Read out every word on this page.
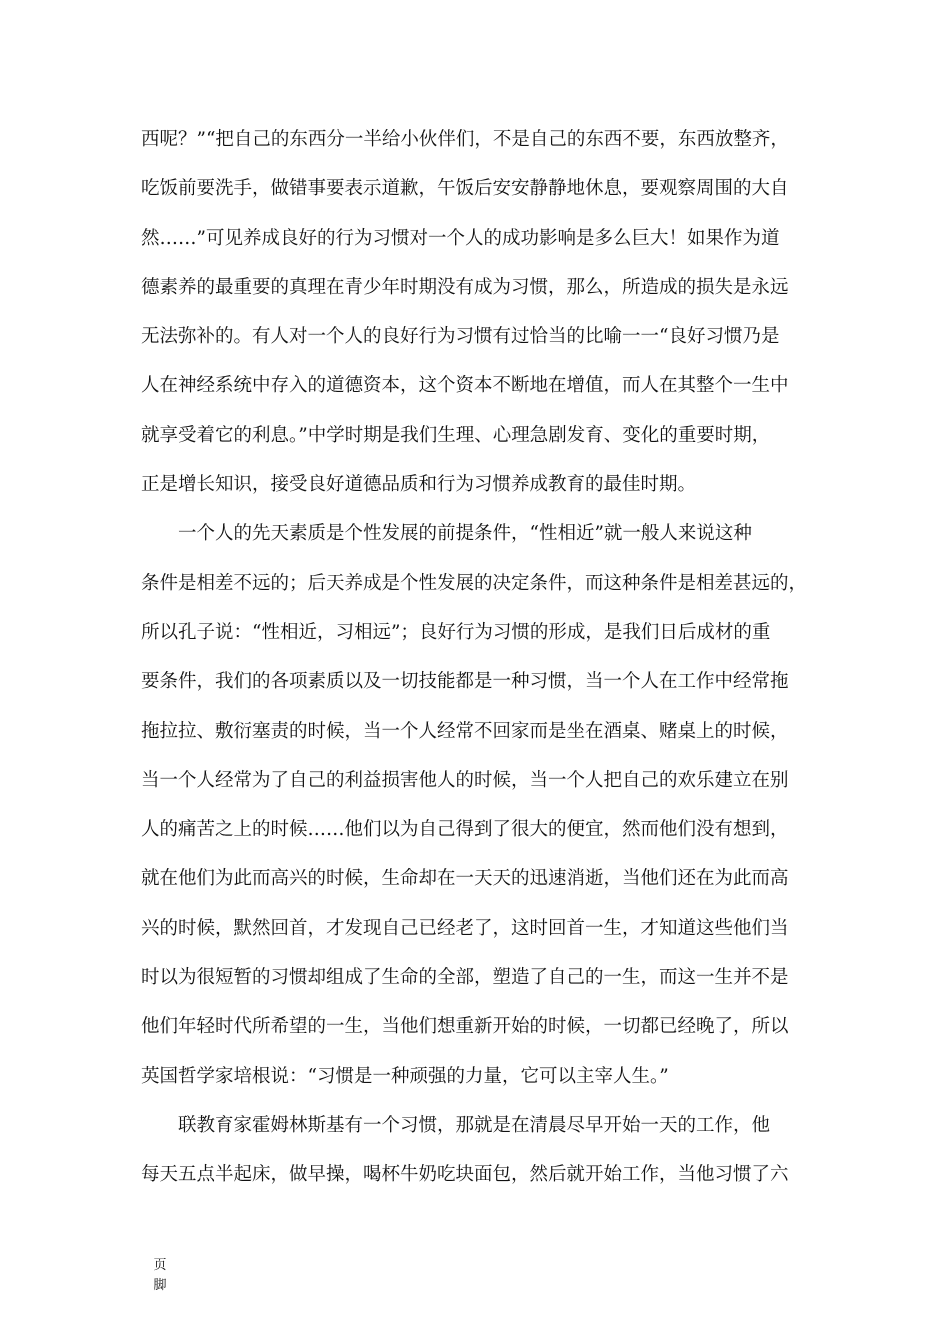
西呢？”“把自己的东西分一半给小伙伴们，不是自己的东西不要，东西放整齐，
吃饭前要洗手，做错事要表示道歉，午饭后安安静静地休息，要观察周围的大自
然……”可见养成良好的行为习惯对一个人的成功影响是多么巨大！如果作为道
德素养的最重要的真理在青少年时期没有成为习惯，那么，所造成的损失是永远
无法弥补的。有人对一个人的良好行为习惯有过恰当的比喻一一“良好习惯乃是
人在神经系统中存入的道德资本，这个资本不断地在增值，而人在其整个一生中
就享受着它的利息。”中学时期是我们生理、心理急剧发育、变化的重要时期，
正是增长知识，接受良好道德品质和行为习惯养成教育的最佳时期。
　　一个人的先天素质是个性发展的前提条件，“性相近”就一般人来说这种
条件是相差不远的；后天养成是个性发展的决定条件，而这种条件是相差甚远的，
所以孔子说：“性相近，习相远”；良好行为习惯的形成，是我们日后成材的重
要条件，我们的各项素质以及一切技能都是一种习惯，当一个人在工作中经常拖
拖拉拉、敷衍塞责的时候，当一个人经常不回家而是坐在酒桌、赌桌上的时候，
当一个人经常为了自己的利益损害他人的时候，当一个人把自己的欢乐建立在别
人的痛苦之上的时候……他们以为自己得到了很大的便宜，然而他们没有想到，
就在他们为此而高兴的时候，生命却在一天天的迅速消逝，当他们还在为此而高
兴的时候，默然回首，才发现自己已经老了，这时回首一生，才知道这些他们当
时以为很短暂的习惯却组成了生命的全部，塑造了自己的一生，而这一生并不是
他们年轻时代所希望的一生，当他们想重新开始的时候，一切都已经晚了，所以
英国哲学家培根说：“习惯是一种顽强的力量，它可以主宰人生。”
　　联教育家霍姆林斯基有一个习惯，那就是在清晨尽早开始一天的工作，他
每天五点半起床，做早操，喝杯牛奶吃块面包，然后就开始工作，当他习惯了六
页
脚
